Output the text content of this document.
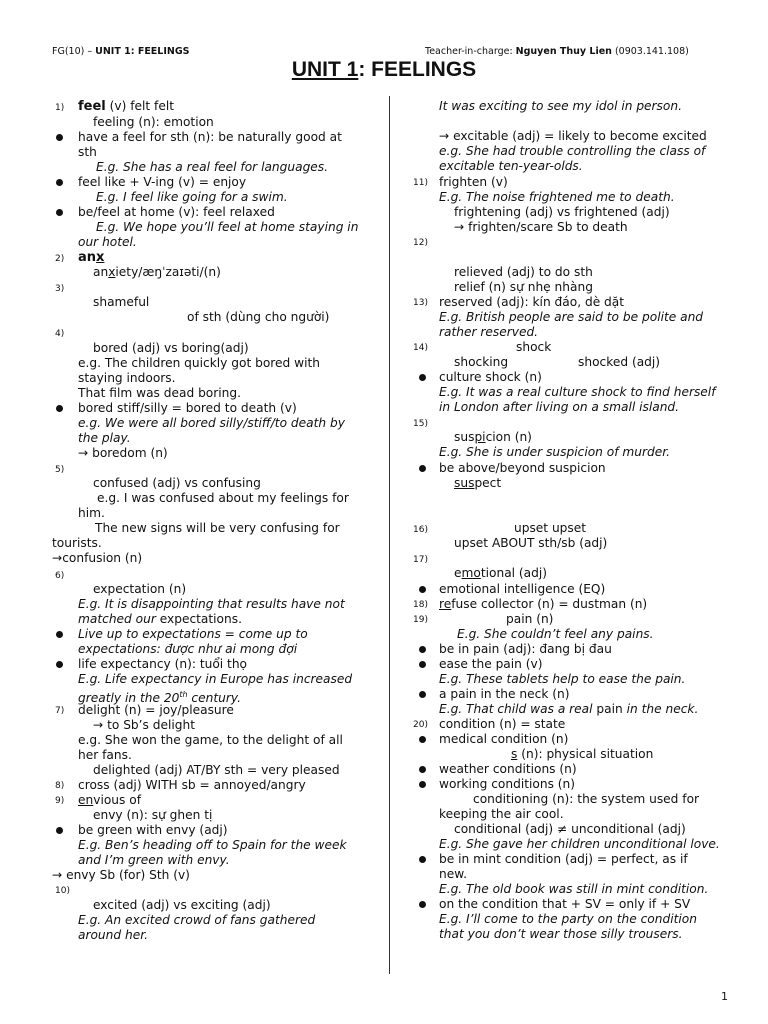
FG(10) – UNIT 1: FEELINGS	Teacher-in-charge: Nguyen Thuy Lien (0903.141.108)
UNIT 1: FEELINGS
1) feel (v) felt felt
feeling (n): emotion
have a feel for sth (n): be naturally good at
sth
E.g. She has a real feel for languages.
feel like + V-ing (v) = enjoy
E.g. I feel like going for a swim.
be/feel at home (v): feel relaxed
E.g. We hope you’ll feel at home staying in
our hotel.
2) anx
anxiety/æŋˈzaɪəti/(n)
3)
shameful
of sth (dùng cho người)
4)
bored (adj) vs boring(adj)
e.g. The children quickly got bored with
staying indoors.
That film was dead boring.
bored stiff/silly = bored to death (v)
e.g. We were all bored silly/stiff/to death by
the play.
→ boredom (n)
5)
confused (adj) vs confusing
e.g. I was confused about my feelings for
him.
The new signs will be very confusing for
tourists.
→confusion (n)
6)
expectation (n)
E.g. It is disappointing that results have not
matched our expectations.
Live up to expectations = come up to
expectations: được như ai mong đợi
life expectancy (n): tuổi thọ
E.g. Life expectancy in Europe has increased
greatly in the 20th century.
7) delight (n) = joy/pleasure
→ to Sb’s delight
e.g. She won the game, to the delight of all
her fans.
delighted (adj) AT/BY sth = very pleased
8) cross (adj) WITH sb = annoyed/angry
9) envious of
envy (n): sự ghen tị
be green with envy (adj)
E.g. Ben’s heading off to Spain for the week
and I’m green with envy.
→ envy Sb (for) Sth (v)
10)
excited (adj) vs exciting (adj)
E.g. An excited crowd of fans gathered
around her.
It was exciting to see my idol in person.
→ excitable (adj) = likely to become excited
e.g. She had trouble controlling the class of
excitable ten-year-olds.
11) frighten (v)
E.g. The noise frightened me to death.
frightening (adj) vs frightened (adj)
→ frighten/scare Sb to death
12)
relieved (adj) to do sth
relief (n) sự nhẹ nhàng
13) reserved (adj): kín đáo, dè dặt
E.g. British people are said to be polite and
rather reserved.
14)	shock
shocking	shocked (adj)
culture shock (n)
E.g. It was a real culture shock to find herself
in London after living on a small island.
15)
suspicion (n)
E.g. She is under suspicion of murder.
be above/beyond suspicion
suspect
16)	upset upset
upset ABOUT sth/sb (adj)
17)
emotional (adj)
emotional intelligence (EQ)
18) refuse collector (n) = dustman (n)
19)	pain (n)
E.g. She couldn’t feel any pains.
be in pain (adj): đang bị đau
ease the pain (v)
E.g. These tablets help to ease the pain.
a pain in the neck (n)
E.g. That child was a real pain in the neck.
20) condition (n) = state
medical condition (n)
s (n): physical situation
weather conditions (n)
working conditions (n)
conditioning (n): the system used for
keeping the air cool.
conditional (adj) ≠ unconditional (adj)
E.g. She gave her children unconditional love.
be in mint condition (adj) = perfect, as if
new.
E.g. The old book was still in mint condition.
on the condition that + SV = only if + SV
E.g. I’ll come to the party on the condition
that you don’t wear those silly trousers.
1
